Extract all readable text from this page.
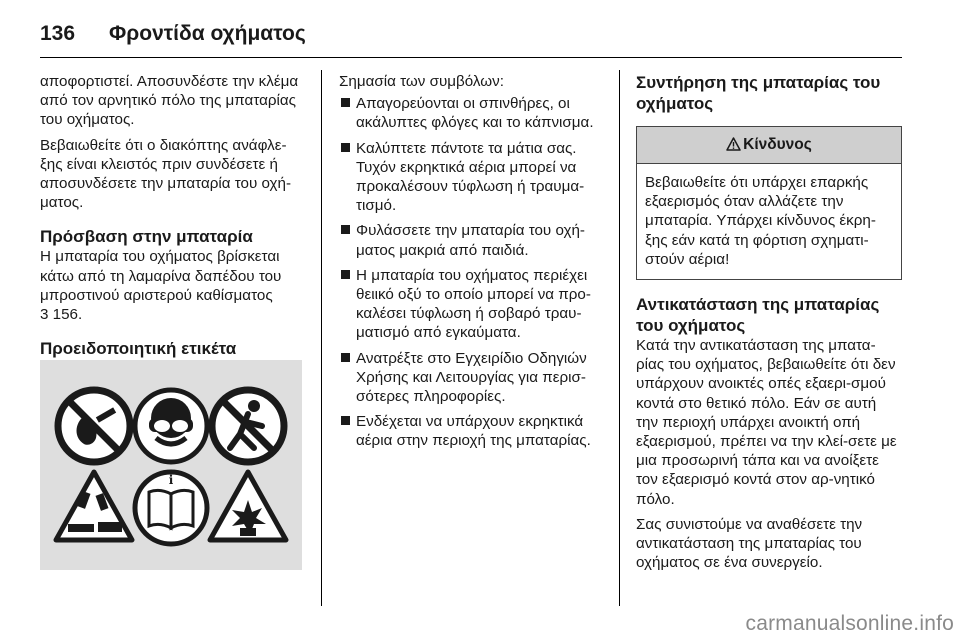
136 Φροντίδα οχήματος

αποφορτιστεί. Αποσυνδέστε την κλέμα από τον αρνητικό πόλο της μπαταρίας του οχήματος.

Βεβαιωθείτε ότι ο διακόπτης ανάφλε-ξης είναι κλειστός πριν συνδέσετε ή αποσυνδέσετε την μπαταρία του οχή-ματος.

Πρόσβαση στην μπαταρία

Η μπαταρία του οχήματος βρίσκεται κάτω από τη λαμαρίνα δαπέδου του μπροστινού αριστερού καθίσματος
3 156.

Προειδοποιητική ετικέτα
i

Σημασία των συμβόλων:

Απαγορεύονται οι σπινθήρες, οι ακάλυπτες φλόγες και το κάπνισμα.
Καλύπτετε πάντοτε τα μάτια σας. Τυχόν εκρηκτικά αέρια μπορεί να προκαλέσουν τύφλωση ή τραυμα-τισμό.
Φυλάσσετε την μπαταρία του οχή-ματος μακριά από παιδιά.
Η μπαταρία του οχήματος περιέχει θειικό οξύ το οποίο μπορεί να προ-καλέσει τύφλωση ή σοβαρό τραυ-ματισμό από εγκαύματα.
Ανατρέξτε στο Εγχειρίδιο Οδηγιών Χρήσης και Λειτουργίας για περισ-σότερες πληροφορίες.
Ενδέχεται να υπάρχουν εκρηκτικά αέρια στην περιοχή της μπαταρίας.
Συντήρηση της μπαταρίας του οχήματος
Κίνδυνος
Βεβαιωθείτε ότι υπάρχει επαρκής εξαερισμός όταν αλλάζετε την μπαταρία. Υπάρχει κίνδυνος έκρη-ξης εάν κατά τη φόρτιση σχηματι-στούν αέρια!
Αντικατάσταση της μπαταρίας του οχήματος

Κατά την αντικατάσταση της μπατα-ρίας του οχήματος, βεβαιωθείτε ότι δεν υπάρχουν ανοικτές οπές εξαερι-σμού κοντά στο θετικό πόλο. Εάν σε αυτή την περιοχή υπάρχει ανοικτή οπή εξαερισμού, πρέπει να την κλεί-σετε με μια προσωρινή τάπα και να ανοίξετε τον εξαερισμό κοντά στον αρ-νητικό πόλο.

Σας συνιστούμε να αναθέσετε την αντικατάσταση της μπαταρίας του οχήματος σε ένα συνεργείο.

carmanualsonline.info
